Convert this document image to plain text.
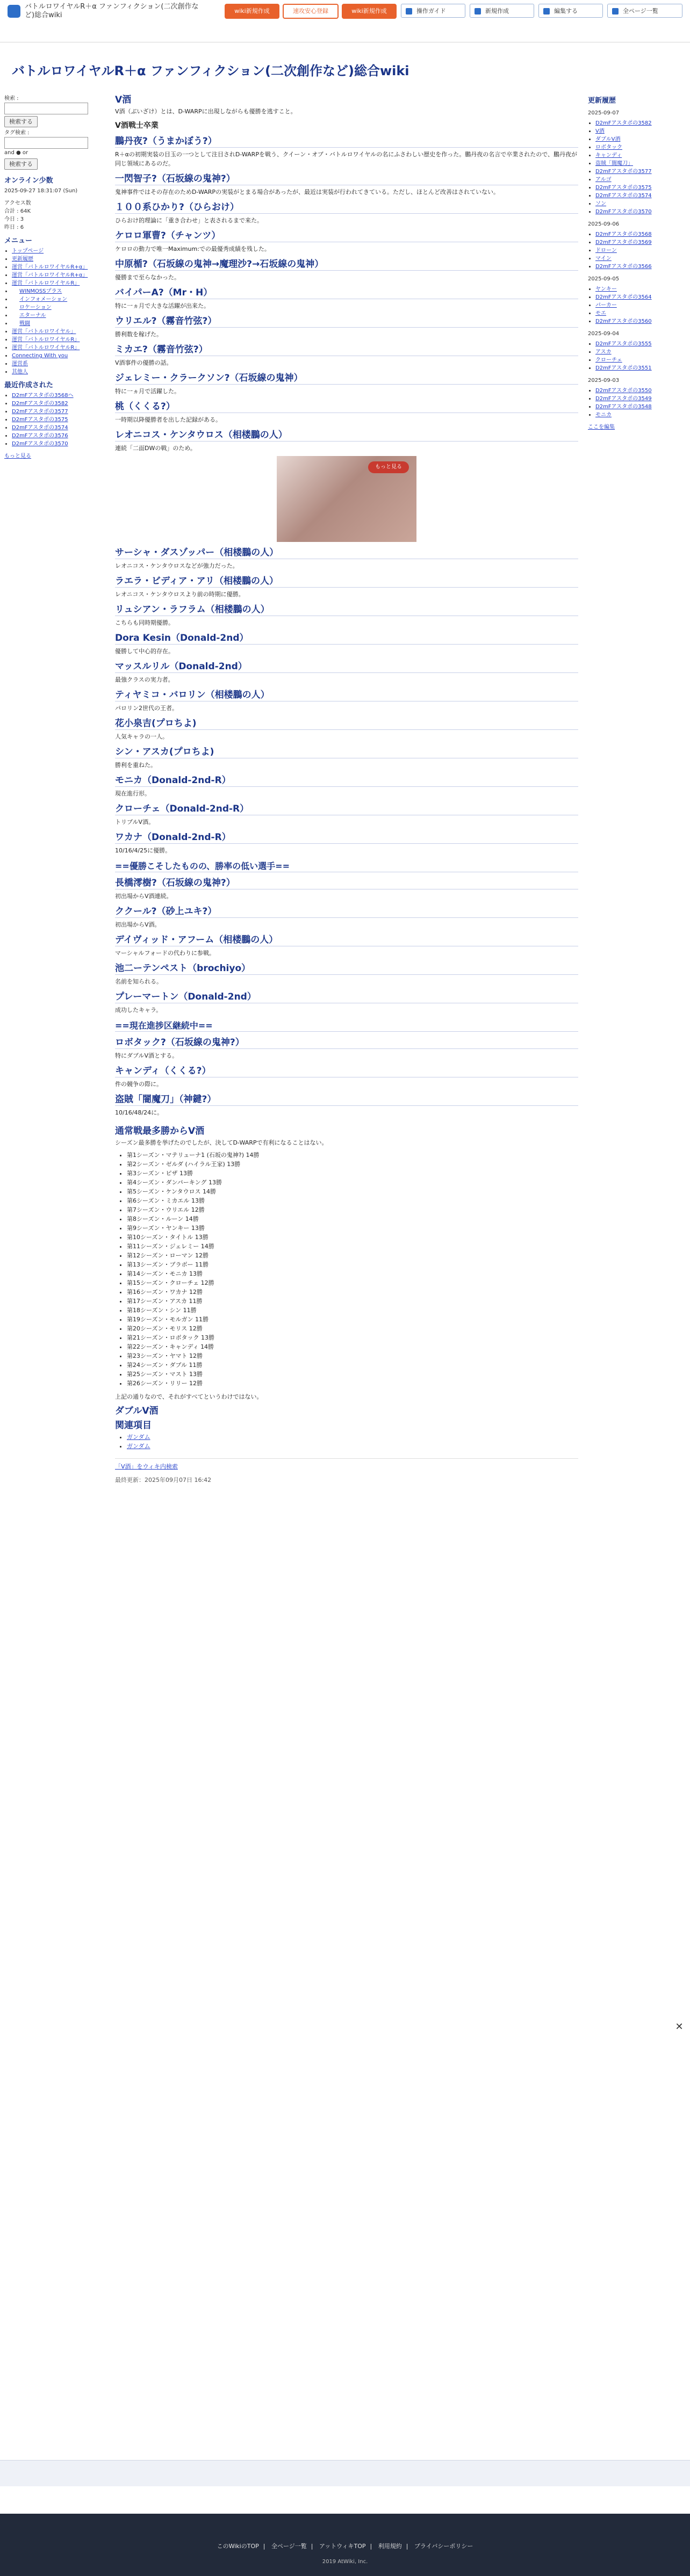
バトルロワイヤルR＋α ファンフィクション(二次創作など)総合wiki
wiki新規作成	速攻安心登録	wiki新規作成	操作ガイド	新規作成	編集する	全ページ一覧
バトルロワイヤルR＋α ファンフィクション(二次創作など)総合wiki
検索 :
検索する
タグ検索 :
and ● or
検索する
オンライン少数
2025-09-27 18:31:07 (Sun)
アクセス数
合計 : 64K
今日 : 3
昨日 : 6
メニュー
• トップページ
• 更新履歴
• 運営「バトルロワイヤルR+α」
• 運営「バトルロワイヤルR+α」
• 運営「バトルロワイヤルR」
• WINMOSSプラス
• インフォメーション
• ロケーション
• エターナル
• 戦闘
• 運営「バトルロワイヤル」
• 運営「バトルロワイヤルR」
• 運営「バトルロワイヤルR」
• Connecting With you
• 運営系
• 其他人
最近作成された
• D2mFアスタポの3568ヘ
• D2mFアスタポの3582
• D2mFアスタポの3577
• D2mFアスタポの3575
• D2mFアスタポの3574
• D2mFアスタポの3576
• D2mFアスタポの3570
もっと見る
V酒

V酒（ぶいざけ）とは、D-WARPに出現しながらも優勝を逃すこと。

V酒戦士卒業
鵬丹夜?（うまかぼう?）

R＋αの初期実装の目玉の一つとして注目されD-WARPを戦う、クイーン・オブ・バトルロワイヤルの名にふさわしい歴史を作った。鵬丹夜の名言で卒業されたので、鵬丹夜が同じ領域にあるのだ。

一閃智子?（石坂線の鬼神?）

鬼神事件ではその存在のためD-WARPの実装がとまる場合があったが、最近は実装が行われてきている。ただし、ほとんど改善はされていない。

１００系ひかり?（ひらおけ）

ひらおけ的理論に「重き合わせ」と表されるまで来た。

ケロロ軍曹?（チャンツ）

ケロロの動力で唯一Maximum:での最優秀成績を残した。

中原楯?（石坂線の鬼神→魔理沙?→石坂線の鬼神）

優勝まで至らなかった。

バイパーA?（Mr・H）

特に一ヵ月で大きな活躍が出来た。

ウリエル?（霧音竹弦?）

勝利数を稼げた。

ミカエ?（霧音竹弦?）

V酒事件の優勝の話。

ジェレミー・クラークソン?（石坂線の鬼神）

特に一ヵ月で活躍した。

桃（くくる?）

一時期以降優勝者を出した記録がある。

レオニコス・ケンタウロス（相楼鵬の人）

連続「二面DWの戦」のため。

もっと見る
サーシャ・ダスゾッパー（相楼鵬の人）

レオニコス・ケンタウロスなどが強力だった。

ラエラ・ビディア・アリ（相楼鵬の人）

レオニコス・ケンタウロスより前の時期に優勝。

リュシアン・ラフラム（相楼鵬の人）

こちらも同時期優勝。

Dora Kesin（Donald-2nd）

優勝して中心的存在。

マッスルリル（Donald-2nd）

最強クラスの実力者。

ティヤミコ・バロリン（相楼鵬の人）

パロリン2世代の王者。

花小泉吉(プロちよ)

人気キャラの一人。

シン・アスカ(プロちよ)

勝利を重ねた。

モニカ（Donald-2nd-R）

現在進行形。

クローチェ（Donald-2nd-R）

トリプルV酒。

ワカナ（Donald-2nd-R）

10/16/4/25に優勝。

==優勝こそしたものの、勝率の低い選手==
長橋澪樹?（石坂線の鬼神?）

初出場からV酒連続。

ククール?（砂上ユキ?）

初出場からV酒。

デイヴィッド・アフーム（相楼鵬の人）

マーシャルフォードの代わりに参戦。

池二ーテンペスト（brochiyo）

名前を知られる。

プレーマートン（Donald-2nd）

成功したキャラ。

==現在進捗区継続中==
ロボタック?（石坂線の鬼神?）

特にダブルV酒とする。

キャンディ（くくる?）

件の競争の際に。

盗賊「闇魔刀」（神鍵?）

10/16/48/24に。

通常戦最多勝からV酒

シーズン最多勝を挙げたのでしたが、決してD-WARPで有利になることはない。

• 第1シーズン・マテリューナ1 (石坂の鬼神?) 14勝
• 第2シーズン・ゼルダ (ハイラル王家) 13勝
• 第3シーズン・ピザ 13勝
• 第4シーズン・ダンパーキング 13勝
• 第5シーズン・ケンタウロス 14勝
• 第6シーズン・ミカエル 13勝
• 第7シーズン・ウリエル 12勝
• 第8シーズン・ルーン 14勝
• 第9シーズン・ヤンキー 13勝
• 第10シーズン・タイトル 13勝
• 第11シーズン・ジェレミー 14勝
• 第12シーズン・ローマン 12勝
• 第13シーズン・ブラボー 11勝
• 第14シーズン・モニカ 13勝
• 第15シーズン・クローチェ 12勝
• 第16シーズン・ワカナ 12勝
• 第17シーズン・アスカ 11勝
• 第18シーズン・シン 11勝
• 第19シーズン・モルガン 11勝
• 第20シーズン・モリス 12勝
• 第21シーズン・ロボタック 13勝
• 第22シーズン・キャンディ 14勝
• 第23シーズン・ヤマト 12勝
• 第24シーズン・ダブル 11勝
• 第25シーズン・マスト 13勝
• 第26シーズン・リリー 12勝

上記の通りなので、それがすべてというわけではない。

ダブルV酒
関連項目
• ガンダム
• ガンダム
「V酒」をウィキ内検索
最終更新：2025年09月07日 16:42
更新履歴
2025-09-07
• D2mFアスタポの3582
• V酒
• ダブルV酒
• ロボタック
• キャンディ
• 盗賊「闇魔刀」
• D2mFアスタポの3577
• アルゴ
• D2mFアスタポの3575
• D2mFアスタポの3574
• ソン
• D2mFアスタポの3570
2025-09-06
• D2mFアスタポの3568
• D2mFアスタポの3569
• ドローン
• マイン
• D2mFアスタポの3566
2025-09-05
• ヤンキー
• D2mFアスタポの3564
• パーカー
• モエ
• D2mFアスタポの3560
2025-09-04
• D2mFアスタポの3555
• アスカ
• クローチェ
• D2mFアスタポの3551
2025-09-03
• D2mFアスタポの3550
• D2mFアスタポの3549
• D2mFアスタポの3548
• モニカ
ここを編集
✕
このWikiのTOP | 全ページ一覧 | アットウィキTOP | 利用規約 | プライバシーポリシー
2019 AtWiki, Inc.
